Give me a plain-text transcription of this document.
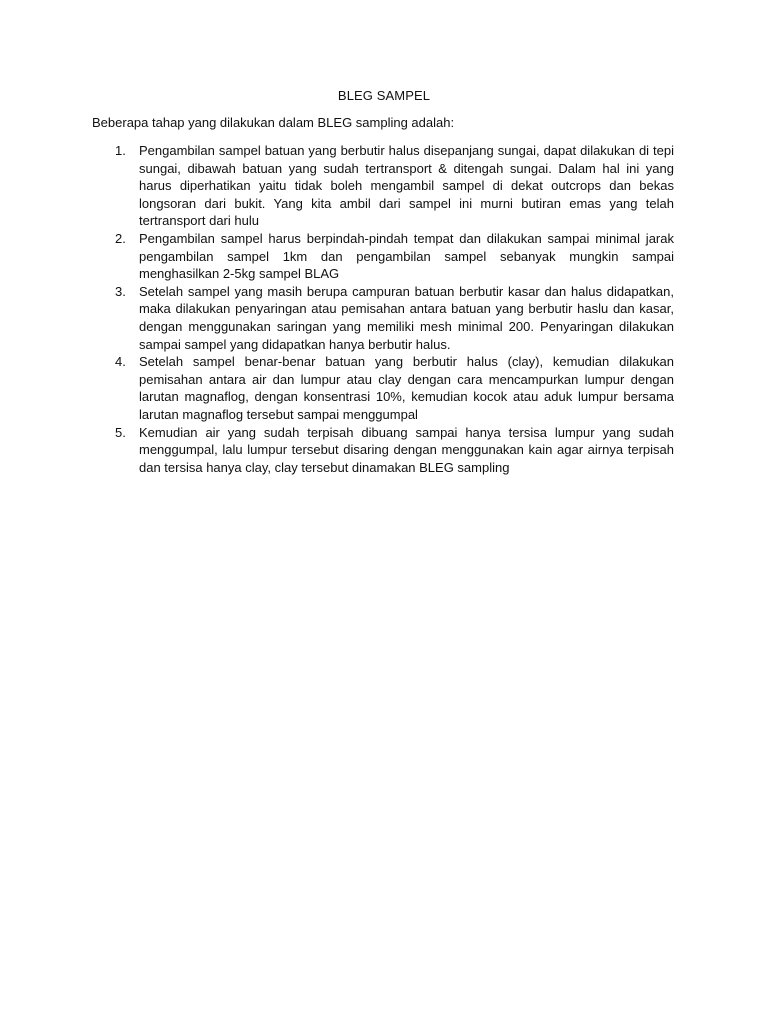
BLEG SAMPEL
Beberapa tahap yang dilakukan dalam BLEG sampling adalah:
1. Pengambilan sampel batuan yang berbutir halus disepanjang sungai, dapat dilakukan di tepi sungai, dibawah batuan yang sudah tertransport & ditengah sungai. Dalam hal ini yang harus diperhatikan yaitu tidak boleh mengambil sampel di dekat outcrops dan bekas longsoran dari bukit. Yang kita ambil dari sampel ini murni butiran emas yang telah tertransport dari hulu
2. Pengambilan sampel harus berpindah-pindah tempat dan dilakukan sampai minimal jarak pengambilan sampel 1km dan pengambilan sampel sebanyak mungkin sampai menghasilkan 2-5kg sampel BLAG
3. Setelah sampel yang masih berupa campuran batuan berbutir kasar dan halus didapatkan, maka dilakukan penyaringan atau pemisahan antara batuan yang berbutir haslu dan kasar, dengan menggunakan saringan yang memiliki mesh minimal 200. Penyaringan dilakukan sampai sampel yang didapatkan hanya berbutir halus.
4. Setelah sampel benar-benar batuan yang berbutir halus (clay), kemudian dilakukan pemisahan antara air dan lumpur atau clay dengan cara mencampurkan lumpur dengan larutan magnaflog, dengan konsentrasi 10%, kemudian kocok atau aduk lumpur bersama larutan magnaflog tersebut sampai menggumpal
5. Kemudian air yang sudah terpisah dibuang sampai hanya tersisa lumpur yang sudah menggumpal, lalu lumpur tersebut disaring dengan menggunakan kain agar airnya terpisah dan tersisa hanya clay, clay tersebut dinamakan BLEG sampling
